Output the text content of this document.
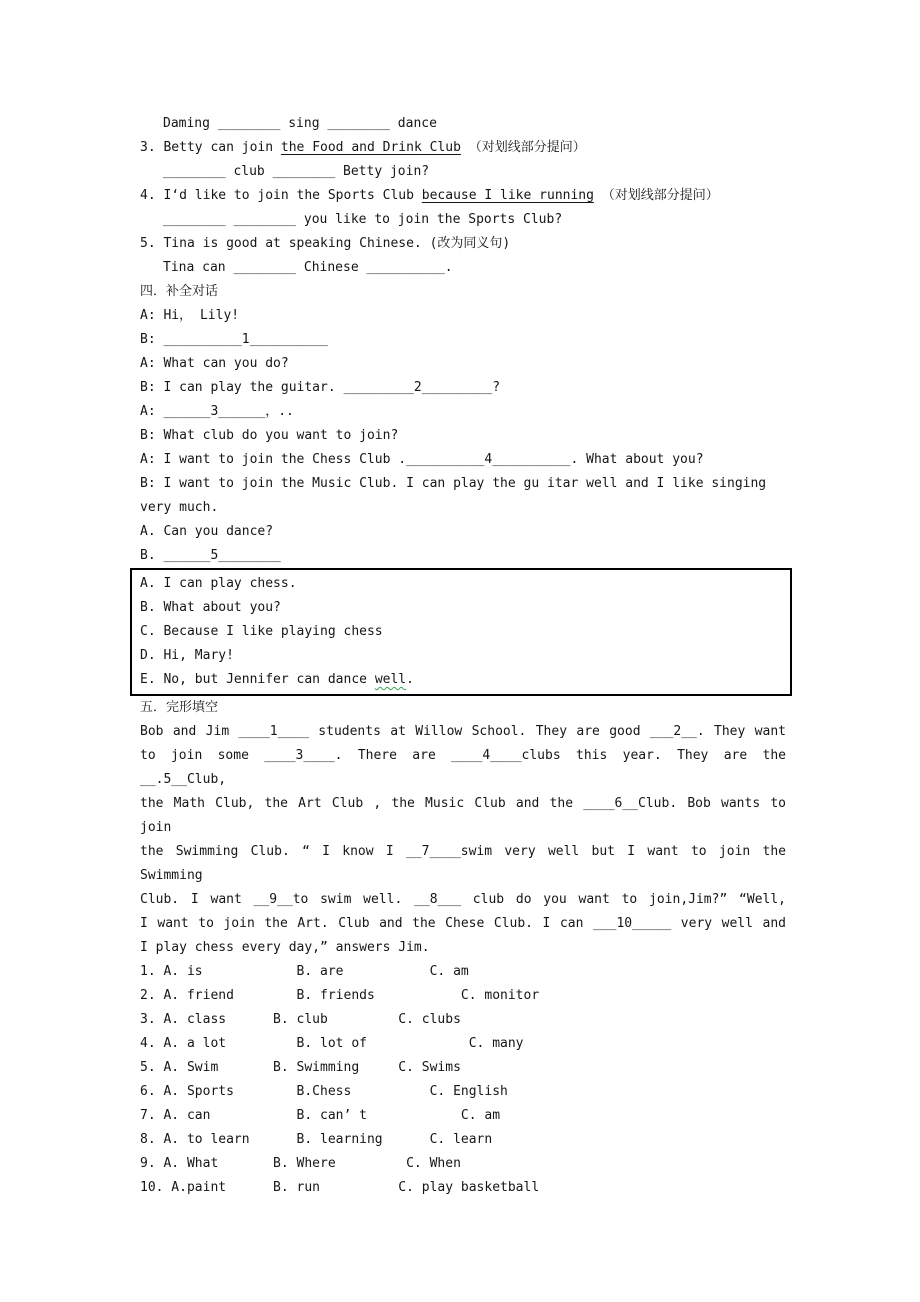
Daming ________ sing ________ dance
3. Betty can join the Food and Drink Club （对划线部分提问）
________ club ________ Betty join?
4. I‘d like to join the Sports Club because I like running （对划线部分提问）
________ ________ you like to join the Sports Club?
5. Tina is good at speaking Chinese. (改为同义句)
Tina can ________ Chinese __________.
四．补全对话
A: Hi， Lily!
B: __________1__________
A: What can you do?
B: I can play the guitar. _________2_________?
A: ______3______，..
B: What club do you want to join?
A: I want to join the Chess Club .__________4__________. What about you?
B: I want to join the Music Club. I can play the gu itar well and I like singing
very much.
A. Can you dance?
B. ______5________
A. I can play chess.
B. What about you?
C. Because I like playing chess
D. Hi, Mary!
E. No, but Jennifer can dance well.
五．完形填空
Bob and Jim ____1____ students at Willow School. They are good ___2__. They want
to join some ____3____. There are ____4____clubs this year. They are the __.5__Club,
the Math Club, the Art Club , the Music Club and the ____6__Club. Bob wants to join
the Swimming Club. “ I know I __7____swim very well but I want to join the Swimming
Club. I want __9__to swim well. __8___ club do you want to join,Jim?” “Well,
I want to join the Art. Club and the Chese Club. I can ___10_____ very well and
I play chess every day,” answers Jim.
1. A. is            B. are           C. am
2. A. friend        B. friends           C. monitor
3. A. class      B. club         C. clubs
4. A. a lot         B. lot of             C. many
5. A. Swim       B. Swimming     C. Swims
6. A. Sports        B.Chess          C. English
7. A. can           B. can’ t            C. am
8. A. to learn      B. learning      C. learn
9. A. What       B. Where         C. When
10. A.paint      B. run          C. play basketball
